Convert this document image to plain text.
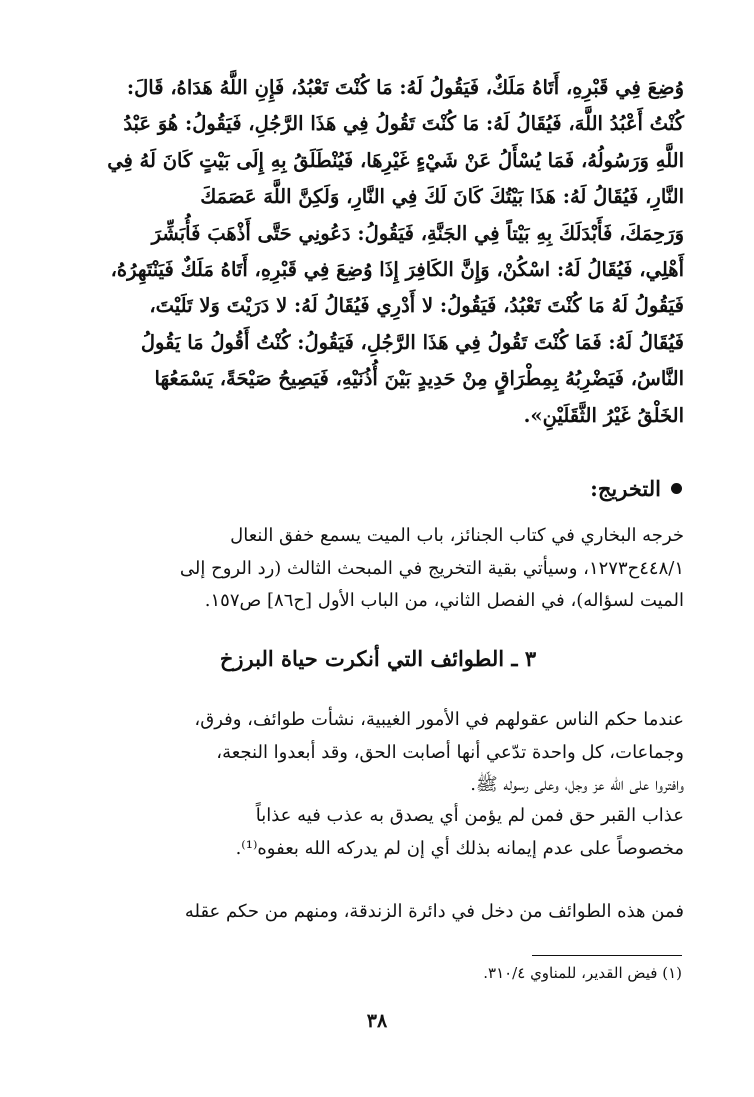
وُضِعَ فِي قَبْرِهِ، أَتَاهُ مَلَكٌ، فَيَقُولُ لَهُ: مَا كُنْتَ تَعْبُدُ، فَإِنِ اللَّهُ هَدَاهُ، قَالَ:

كُنْتُ أَعْبُدُ اللَّهَ، فَيُقَالُ لَهُ: مَا كُنْتَ تَقُولُ فِي هَذَا الرَّجُلِ، فَيَقُولُ: هُوَ عَبْدُ

اللَّهِ وَرَسُولُهُ، فَمَا يُسْأَلُ عَنْ شَيْءٍ غَيْرِهَا، فَيُنْطَلَقُ بِهِ إِلَى بَيْتٍ كَانَ لَهُ فِي

النَّارِ، فَيُقَالُ لَهُ: هَذَا بَيْتُكَ كَانَ لَكَ فِي النَّارِ، وَلَكِنَّ اللَّهَ عَصَمَكَ

وَرَحِمَكَ، فَأَبْدَلَكَ بِهِ بَيْتاً فِي الجَنَّةِ، فَيَقُولُ: دَعُونِي حَتَّى أَذْهَبَ فَأُبَشِّرَ

أَهْلِي، فَيُقَالُ لَهُ: اسْكُنْ، وَإِنَّ الكَافِرَ إِذَا وُضِعَ فِي قَبْرِهِ، أَتَاهُ مَلَكٌ فَيَنْتَهِرُهُ،

فَيَقُولُ لَهُ مَا كُنْتَ تَعْبُدُ، فَيَقُولُ: لا أَدْرِي فَيُقَالُ لَهُ: لا دَرَيْتَ وَلا تَلَيْتَ،

فَيُقَالُ لَهُ: فَمَا كُنْتَ تَقُولُ فِي هَذَا الرَّجُلِ، فَيَقُولُ: كُنْتُ أَقُولُ مَا يَقُولُ

النَّاسُ، فَيَضْرِبُهُ بِمِطْرَاقٍ مِنْ حَدِيدٍ بَيْنَ أُذُنَيْهِ، فَيَصِيحُ صَيْحَةً، يَسْمَعُهَا

الخَلْقُ غَيْرُ الثَّقَلَيْنِ».

التخريج:

خرجه البخاري في كتاب الجنائز، باب الميت يسمع خفق النعال

٤٤٨/١ح١٢٧٣، وسيأتي بقية التخريج في المبحث الثالث (رد الروح إلى

الميت لسؤاله)، في الفصل الثاني، من الباب الأول [ح٨٦] ص١٥٧.

٣ ـ الطوائف التي أنكرت حياة البرزخ

عندما حكم الناس عقولهم في الأمور الغيبية، نشأت طوائف، وفرق،

وجماعات، كل واحدة تدّعي أنها أصابت الحق، وقد أبعدوا النجعة،

وافتروا على الله عز وجل، وعلى رسوله ﷺ.

عذاب القبر حق فمن لم يؤمن أي يصدق به عذب فيه عذاباً

مخصوصاً على عدم إيمانه بذلك أي إن لم يدركه الله بعفوه⁽¹⁾.

فمن هذه الطوائف من دخل في دائرة الزندقة، ومنهم من حكم عقله

(١) فيض القدير، للمناوي ٣١٠/٤.
٣٨
